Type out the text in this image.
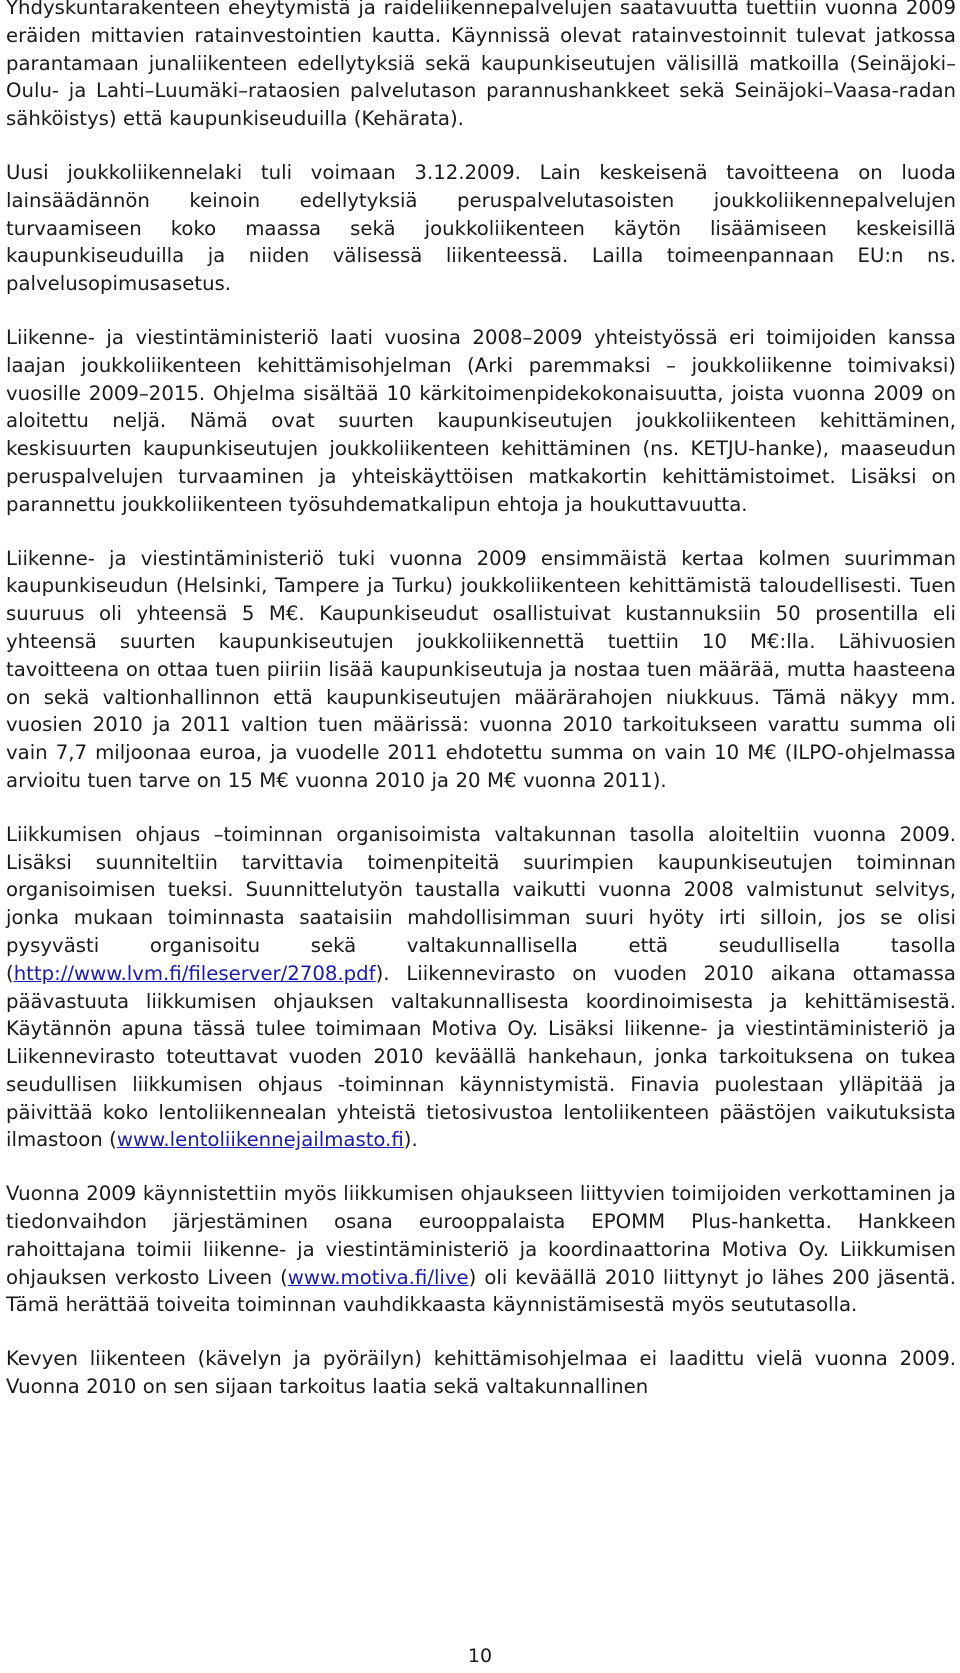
Yhdyskuntarakenteen eheytymistä ja raideliikennepalvelujen saatavuutta tuettiin vuonna 2009 eräiden mittavien ratainvestointien kautta. Käynnissä olevat ratainvestoinnit tulevat jatkossa parantamaan junaliikenteen edellytyksiä sekä kaupunkiseutujen välisillä matkoilla (Seinäjoki–Oulu- ja Lahti–Luumäki–rataosien palvelutason parannushankkeet sekä Seinäjoki–Vaasa-radan sähköistys) että kaupunkiseuduilla (Kehärata).

Uusi joukkoliikennelaki tuli voimaan 3.12.2009. Lain keskeisenä tavoitteena on luoda lainsäädännön keinoin edellytyksiä peruspalvelutasoisten joukkoliikennepalvelujen turvaamiseen koko maassa sekä joukkoliikenteen käytön lisäämiseen keskeisillä kaupunkiseuduilla ja niiden välisessä liikenteessä. Lailla toimeenpannaan EU:n ns. palvelusopimusasetus.

Liikenne- ja viestintäministeriö laati vuosina 2008–2009 yhteistyössä eri toimijoiden kanssa laajan joukkoliikenteen kehittämisohjelman (Arki paremmaksi – joukkoliikenne toimivaksi) vuosille 2009–2015. Ohjelma sisältää 10 kärkitoimenpidekokonaisuutta, joista vuonna 2009 on aloitettu neljä. Nämä ovat suurten kaupunkiseutujen joukkoliikenteen kehittäminen, keskisuurten kaupunkiseutujen joukkoliikenteen kehittäminen (ns. KETJU-hanke), maaseudun peruspalvelujen turvaaminen ja yhteiskäyttöisen matkakortin kehittämistoimet. Lisäksi on parannettu joukkoliikenteen työsuhdematkalipun ehtoja ja houkuttavuutta.

Liikenne- ja viestintäministeriö tuki vuonna 2009 ensimmäistä kertaa kolmen suurimman kaupunkiseudun (Helsinki, Tampere ja Turku) joukkoliikenteen kehittämistä taloudellisesti. Tuen suuruus oli yhteensä 5 M€. Kaupunkiseudut osallistuivat kustannuksiin 50 prosentilla eli yhteensä suurten kaupunkiseutujen joukkoliikennettä tuettiin 10 M€:lla. Lähivuosien tavoitteena on ottaa tuen piiriin lisää kaupunkiseutuja ja nostaa tuen määrää, mutta haasteena on sekä valtionhallinnon että kaupunkiseutujen määrärahojen niukkuus. Tämä näkyy mm. vuosien 2010 ja 2011 valtion tuen määrissä: vuonna 2010 tarkoitukseen varattu summa oli vain 7,7 miljoonaa euroa, ja vuodelle 2011 ehdotettu summa on vain 10 M€ (ILPO-ohjelmassa arvioitu tuen tarve on 15 M€ vuonna 2010 ja 20 M€ vuonna 2011).

Liikkumisen ohjaus –toiminnan organisoimista valtakunnan tasolla aloiteltiin vuonna 2009. Lisäksi suunniteltiin tarvittavia toimenpiteitä suurimpien kaupunkiseutujen toiminnan organisoimisen tueksi. Suunnittelutyön taustalla vaikutti vuonna 2008 valmistunut selvitys, jonka mukaan toiminnasta saataisiin mahdollisimman suuri hyöty irti silloin, jos se olisi pysyvästi organisoitu sekä valtakunnallisella että seudullisella tasolla (http://www.lvm.fi/fileserver/2708.pdf). Liikennevirasto on vuoden 2010 aikana ottamassa päävastuuta liikkumisen ohjauksen valtakunnallisesta koordinoimisesta ja kehittämisestä. Käytännön apuna tässä tulee toimimaan Motiva Oy. Lisäksi liikenne- ja viestintäministeriö ja Liikennevirasto toteuttavat vuoden 2010 keväällä hankehaun, jonka tarkoituksena on tukea seudullisen liikkumisen ohjaus -toiminnan käynnistymistä. Finavia puolestaan ylläpitää ja päivittää koko lentoliikennealan yhteistä tietosivustoa lentoliikenteen päästöjen vaikutuksista ilmastoon (www.lentoliikennejailmasto.fi).

Vuonna 2009 käynnistettiin myös liikkumisen ohjaukseen liittyvien toimijoiden verkottaminen ja tiedonvaihdon järjestäminen osana eurooppalaista EPOMM Plus-hanketta. Hankkeen rahoittajana toimii liikenne- ja viestintäministeriö ja koordinaattorina Motiva Oy. Liikkumisen ohjauksen verkosto Liveen (www.motiva.fi/live) oli keväällä 2010 liittynyt jo lähes 200 jäsentä. Tämä herättää toiveita toiminnan vauhdikkaasta käynnistämisestä myös seututasolla.

Kevyen liikenteen (kävelyn ja pyöräilyn) kehittämisohjelmaa ei laadittu vielä vuonna 2009. Vuonna 2010 on sen sijaan tarkoitus laatia sekä valtakunnallinen

10
